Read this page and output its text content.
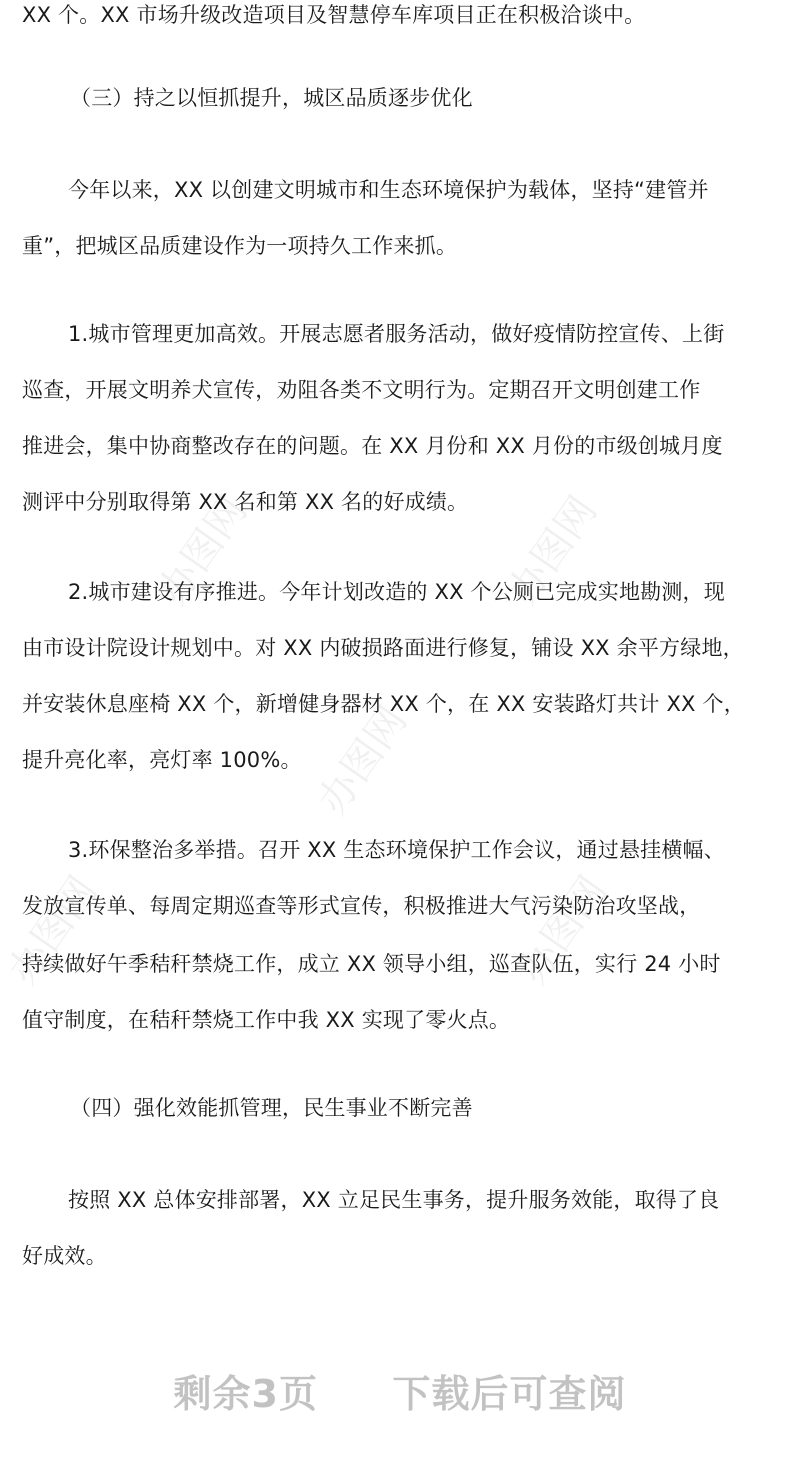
办图网	办图网
办图网
办图网	办图网
XX 个。XX 市场升级改造项目及智慧停车库项目正在积极洽谈中。
（三）持之以恒抓提升，城区品质逐步优化
今年以来，XX 以创建文明城市和生态环境保护为载体，坚持“建管并
重”，把城区品质建设作为一项持久工作来抓。
1.城市管理更加高效。开展志愿者服务活动，做好疫情防控宣传、上街
巡查，开展文明养犬宣传，劝阻各类不文明行为。定期召开文明创建工作
推进会，集中协商整改存在的问题。在 XX 月份和 XX 月份的市级创城月度
测评中分别取得第 XX 名和第 XX 名的好成绩。
2.城市建设有序推进。今年计划改造的 XX 个公厕已完成实地勘测，现
由市设计院设计规划中。对 XX 内破损路面进行修复，铺设 XX 余平方绿地，
并安装休息座椅 XX 个，新增健身器材 XX 个，在 XX 安装路灯共计 XX 个，
提升亮化率，亮灯率 100%。
3.环保整治多举措。召开 XX 生态环境保护工作会议，通过悬挂横幅、
发放宣传单、每周定期巡查等形式宣传，积极推进大气污染防治攻坚战，
持续做好午季秸秆禁烧工作，成立 XX 领导小组，巡查队伍，实行 24 小时
值守制度，在秸秆禁烧工作中我 XX 实现了零火点。
（四）强化效能抓管理，民生事业不断完善
按照 XX 总体安排部署，XX 立足民生事务，提升服务效能，取得了良
好成效。
剩余3页 下载后可查阅
